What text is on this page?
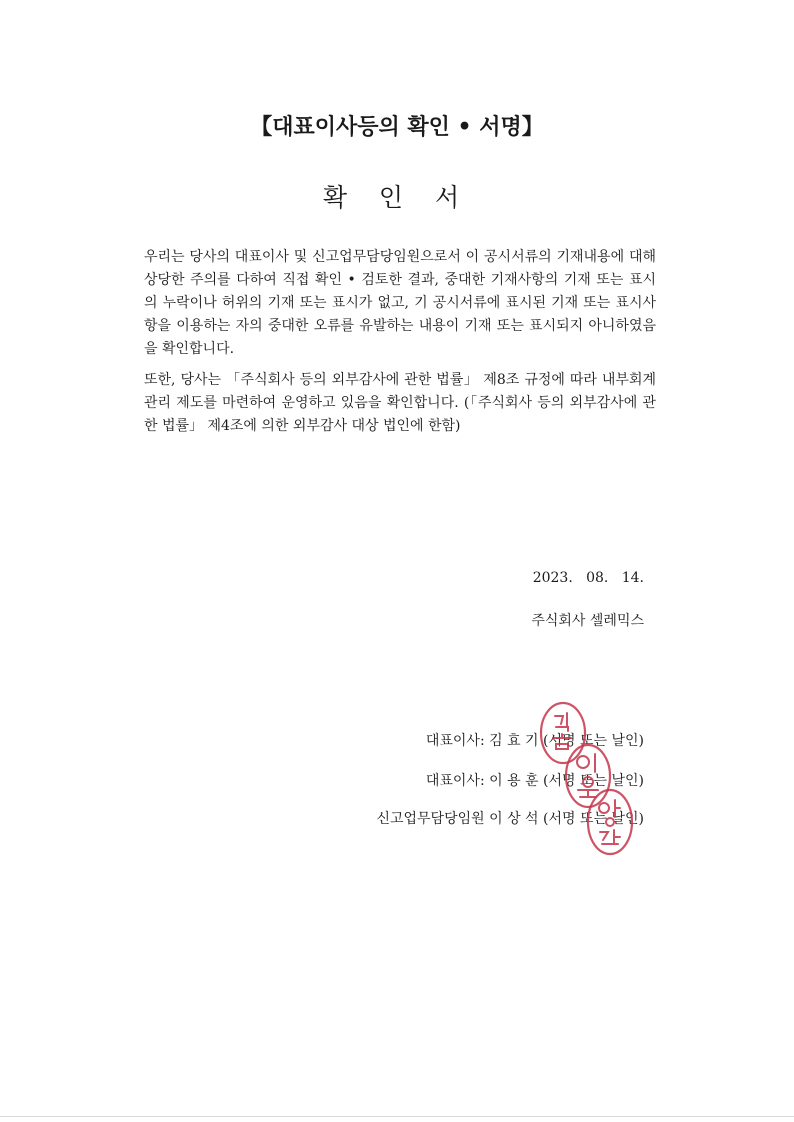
【대표이사등의 확인 • 서명】
확 인 서
우리는 당사의 대표이사 및 신고업무담당임원으로서 이 공시서류의 기재내용에 대해 상당한 주의를 다하여 직접 확인 • 검토한 결과, 중대한 기재사항의 기재 또는 표시의 누락이나 허위의 기재 또는 표시가 없고, 기 공시서류에 표시된 기재 또는 표시사항을 이용하는 자의 중대한 오류를 유발하는 내용이 기재 또는 표시되지 아니하였음을 확인합니다.
또한, 당사는 「주식회사 등의 외부감사에 관한 법률」 제8조 규정에 따라 내부회계관리 제도를 마련하여 운영하고 있음을 확인합니다. (「주식회사 등의 외부감사에 관한 법률」 제4조에 의한 외부감사 대상 법인에 한함)
2023.   08.   14.
주식회사 셀레믹스
대표이사: 김 효 기 (서명 또는 날인)
대표이사: 이 용 훈 (서명 또는 날인)
신고업무담당임원 이 상 석 (서명 또는 날인)
